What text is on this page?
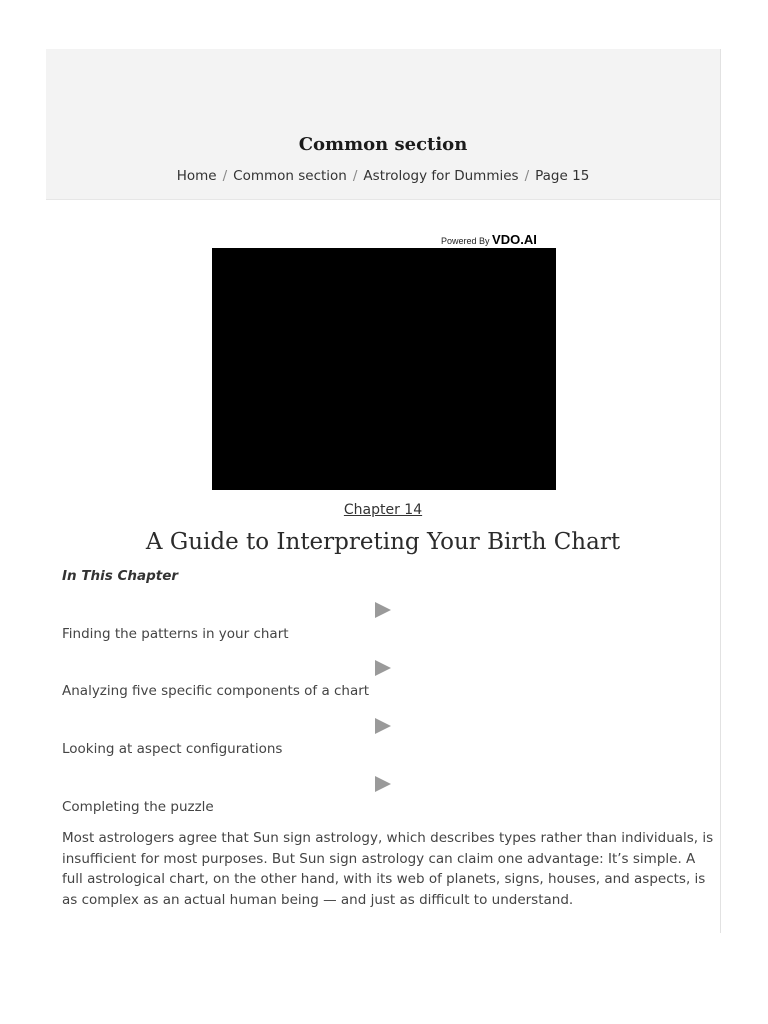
Common section
Home / Common section / Astrology for Dummies / Page 15
Powered By VDO.AI
Chapter 14
A Guide to Interpreting Your Birth Chart
In This Chapter
Finding the patterns in your chart
Analyzing five specific components of a chart
Looking at aspect configurations
Completing the puzzle
Most astrologers agree that Sun sign astrology, which describes types rather than individuals, is insufficient for most purposes. But Sun sign astrology can claim one advantage: It’s simple. A full astrological chart, on the other hand, with its web of planets, signs, houses, and aspects, is as complex as an actual human being — and just as difficult to understand.
